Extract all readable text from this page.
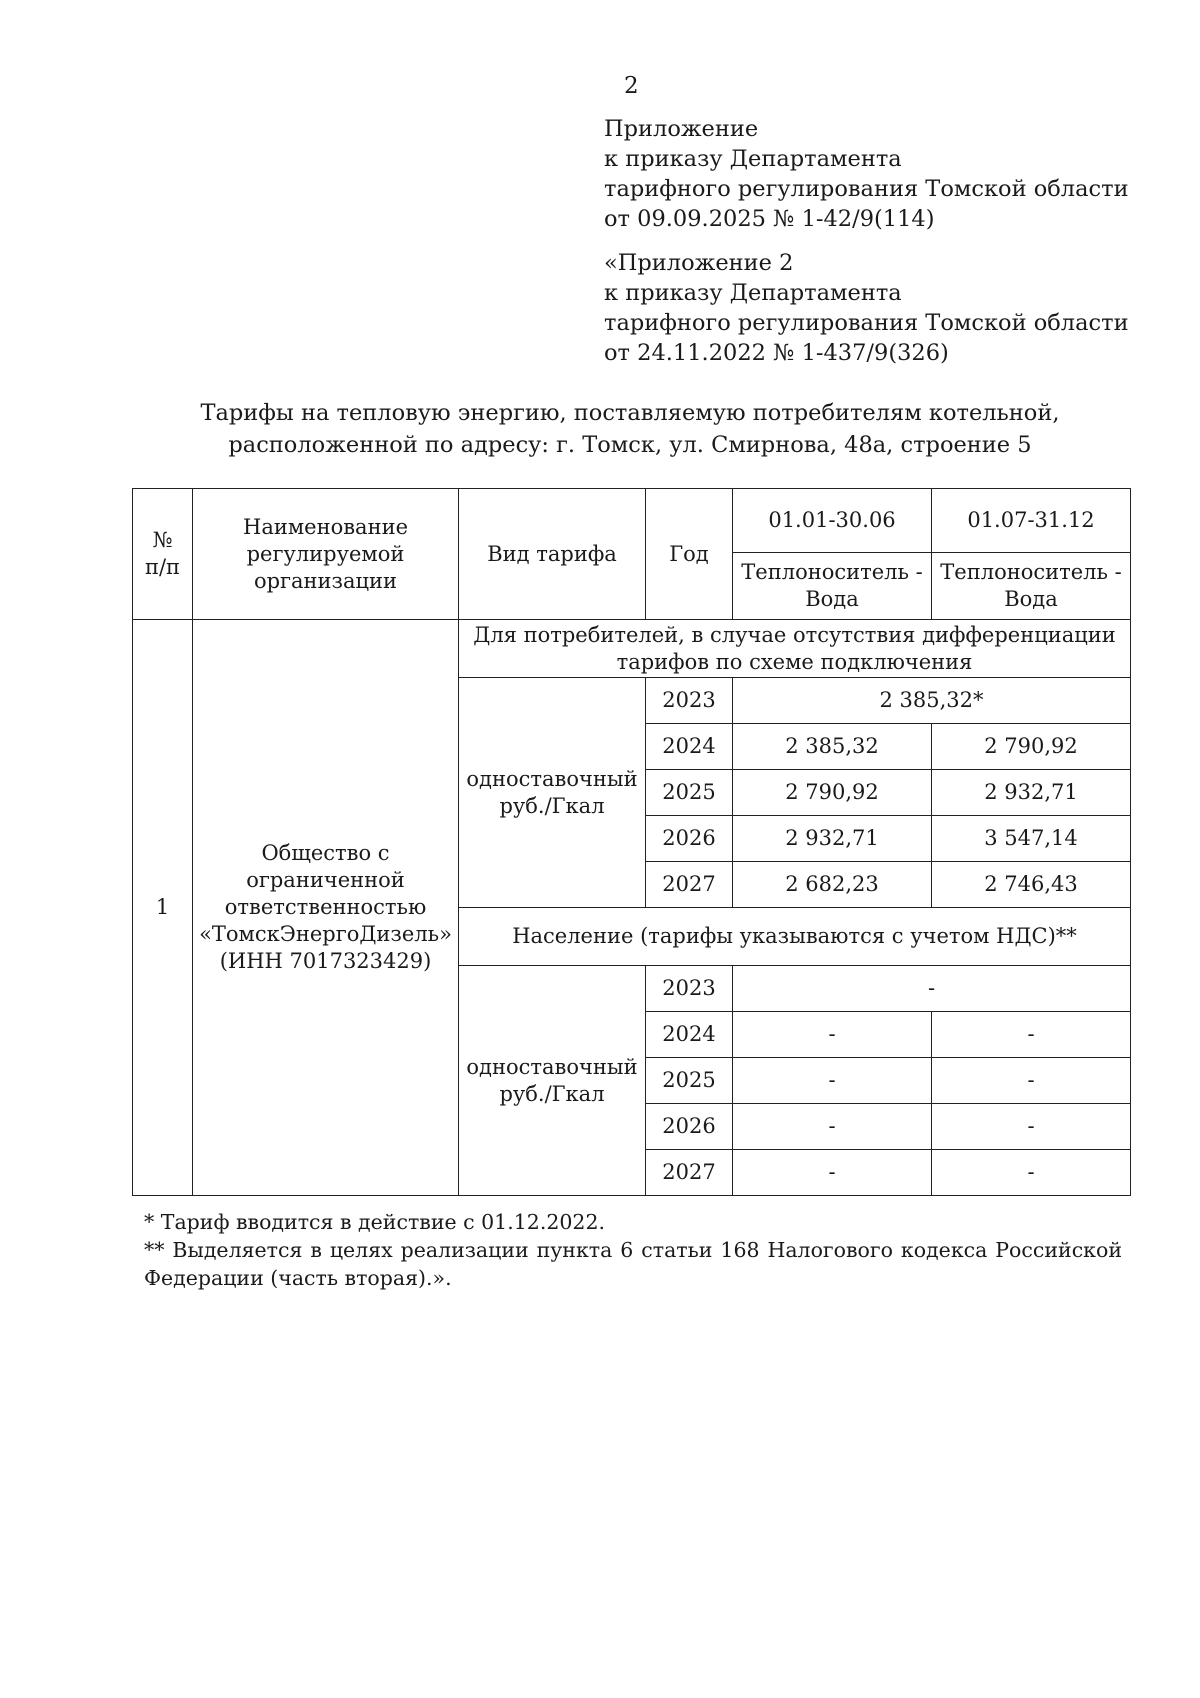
2
Приложение
к приказу Департамента
тарифного регулирования Томской области
от 09.09.2025 № 1-42/9(114)
«Приложение 2
к приказу Департамента
тарифного регулирования Томской области
от 24.11.2022 № 1-437/9(326)
Тарифы на тепловую энергию, поставляемую потребителям котельной,
расположенной по адресу: г. Томск, ул. Смирнова, 48а, строение 5
№ п/п	Наименование регулируемой организации	Вид тарифа	Год	01.01-30.06	01.07-31.12
				Теплоноситель - Вода	Теплоноситель - Вода
1	Общество с
ограниченной
ответственностью
«ТомскЭнергоДизель»
(ИНН 7017323429)	Для потребителей, в случае отсутствия дифференциации тарифов по схеме подключения			
		одноставочный руб./Гкал	2023	2 385,32*	
			2024	2 385,32	2 790,92
			2025	2 790,92	2 932,71
			2026	2 932,71	3 547,14
			2027	2 682,23	2 746,43
		Население (тарифы указываются с учетом НДС)**			
		одноставочный руб./Гкал	2023	-	
			2024	-	-
			2025	-	-
			2026	-	-
			2027	-	-
* Тариф вводится в действие с 01.12.2022.
** Выделяется в целях реализации пункта 6 статьи 168 Налогового кодекса Российской Федерации (часть вторая).».
